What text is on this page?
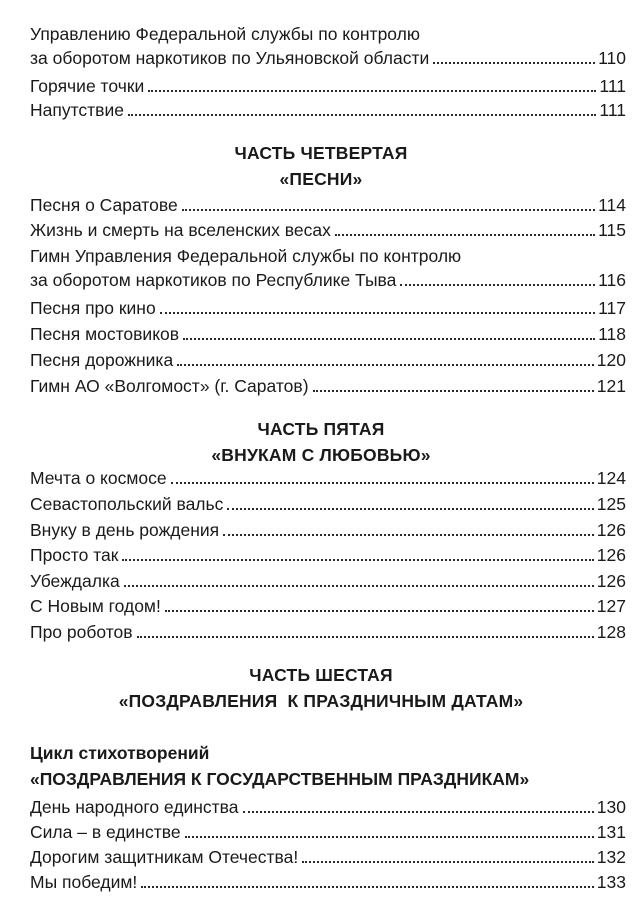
Управлению Федеральной службы по контролю
за оборотом наркотиков по Ульяновской области	110
Горячие точки	111
Напутствие	111
ЧАСТЬ ЧЕТВЕРТАЯ
«ПЕСНИ»
Песня о Саратове	114
Жизнь и смерть на вселенских весах	115
Гимн Управления Федеральной службы по контролю
за оборотом наркотиков по Республике Тыва	116
Песня про кино	117
Песня мостовиков	118
Песня дорожника	120
Гимн АО «Волгомост» (г. Саратов)	121
ЧАСТЬ ПЯТАЯ
«ВНУКАМ С ЛЮБОВЬЮ»
Мечта о космосе	124
Севастопольский вальс	125
Внуку в день рождения	126
Просто так	126
Убеждалка	126
С Новым годом!	127
Про роботов	128
ЧАСТЬ ШЕСТАЯ
«ПОЗДРАВЛЕНИЯ  К ПРАЗДНИЧНЫМ ДАТАМ»
Цикл стихотворений
«ПОЗДРАВЛЕНИЯ К ГОСУДАРСТВЕННЫМ ПРАЗДНИКАМ»
День народного единства	130
Сила – в единстве	131
Дорогим защитникам Отечества!	132
Мы победим!	133
